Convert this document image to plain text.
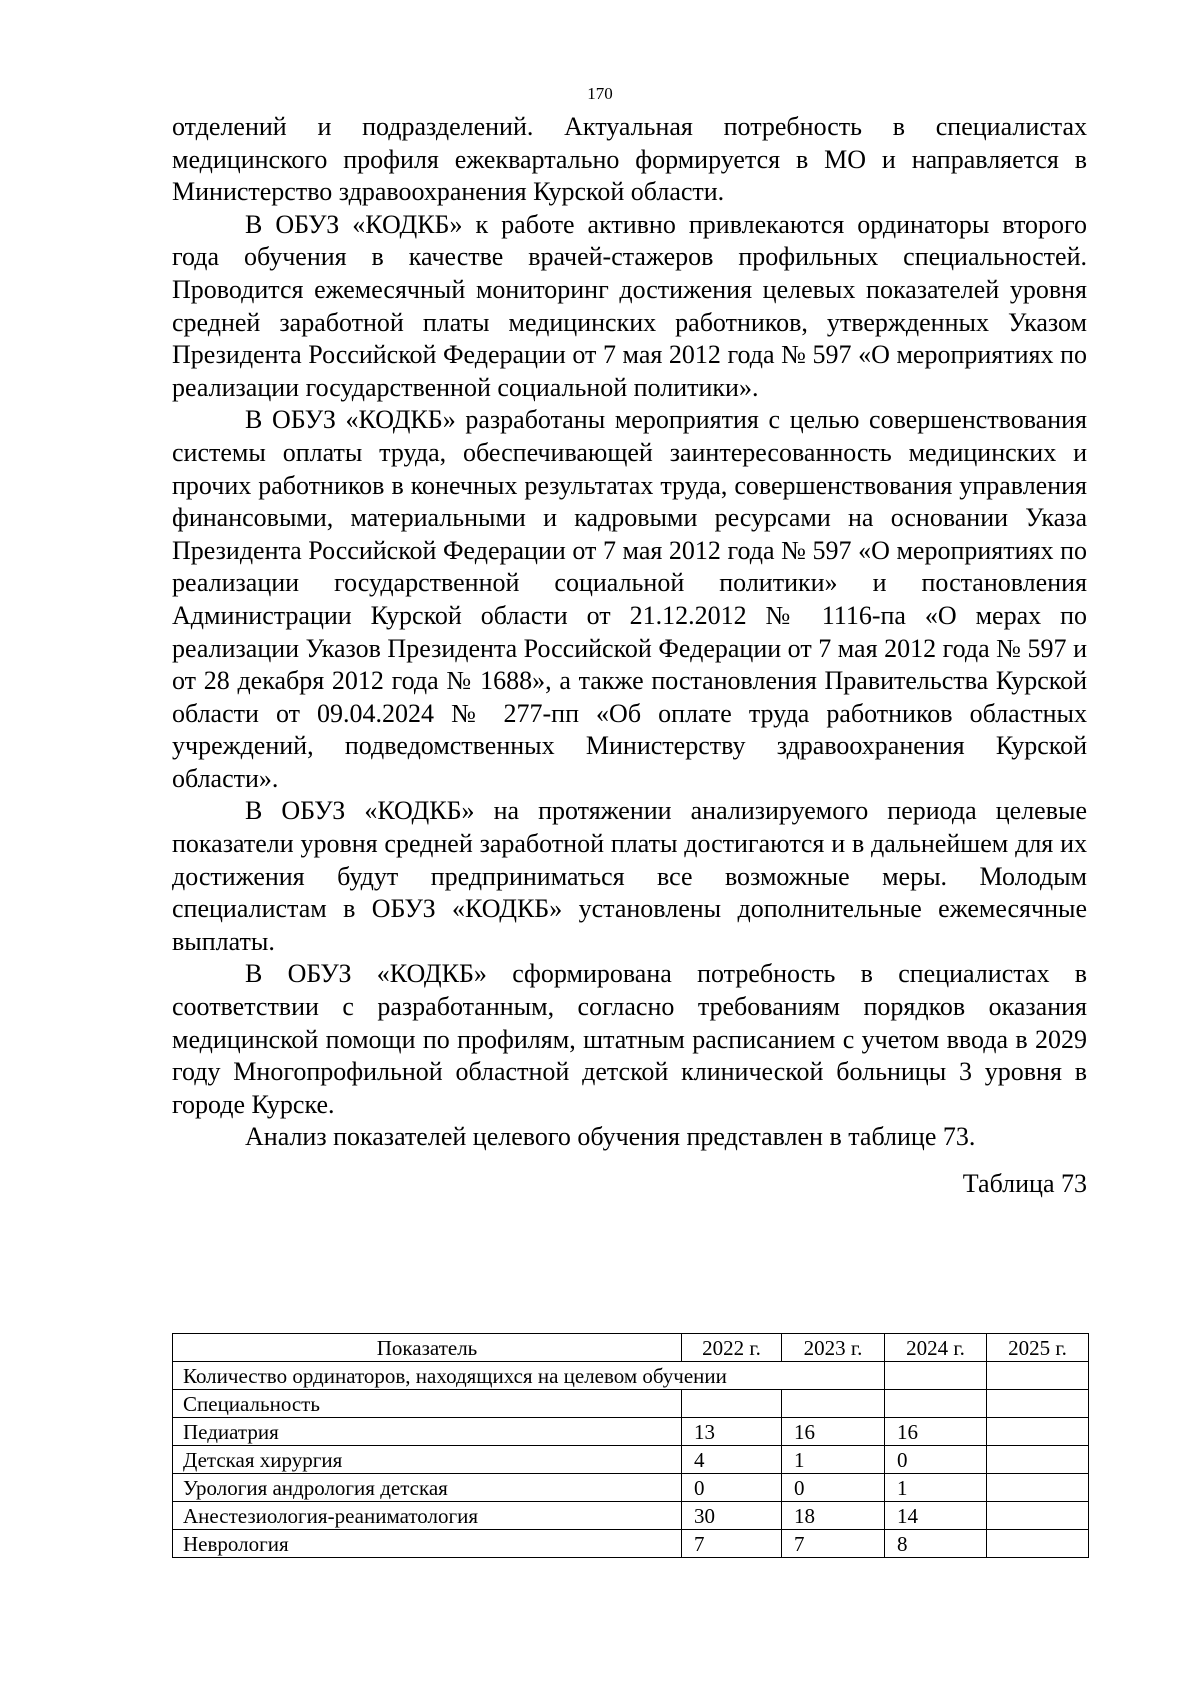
170

отделений и подразделений. Актуальная потребность в специалистах медицинского профиля ежеквартально формируется в МО и направляется в Министерство здравоохранения Курской области.

В ОБУЗ «КОДКБ» к работе активно привлекаются ординаторы второго года обучения в качестве врачей-стажеров профильных специальностей. Проводится ежемесячный мониторинг достижения целевых показателей уровня средней заработной платы медицинских работников, утвержденных Указом Президента Российской Федерации от 7 мая 2012 года № 597 «О мероприятиях по реализации государственной социальной политики».

В ОБУЗ «КОДКБ» разработаны мероприятия с целью совершенствования системы оплаты труда, обеспечивающей заинтересованность медицинских и прочих работников в конечных результатах труда, совершенствования управления финансовыми, материальными и кадровыми ресурсами на основании Указа Президента Российской Федерации от 7 мая 2012 года № 597 «О мероприятиях по реализации государственной социальной политики» и постановления Администрации Курской области от 21.12.2012 № 1116-па «О мерах по реализации Указов Президента Российской Федерации от 7 мая 2012 года № 597 и от 28 декабря 2012 года № 1688», а также постановления Правительства Курской области от 09.04.2024 № 277-пп «Об оплате труда работников областных учреждений, подведомственных Министерству здравоохранения Курской области».

В ОБУЗ «КОДКБ» на протяжении анализируемого периода целевые показатели уровня средней заработной платы достигаются и в дальнейшем для их достижения будут предприниматься все возможные меры. Молодым специалистам в ОБУЗ «КОДКБ» установлены дополнительные ежемесячные выплаты.

В ОБУЗ «КОДКБ» сформирована потребность в специалистах в соответствии с разработанным, согласно требованиям порядков оказания медицинской помощи по профилям, штатным расписанием с учетом ввода в 2029 году Многопрофильной областной детской клинической больницы 3 уровня в городе Курске.

Анализ показателей целевого обучения представлен в таблице 73.

Таблица 73

Показатель	2022 г.	2023 г.	2024 г.	2025 г.
Количество ординаторов, находящихся на целевом обучении				
Специальность				
Педиатрия	13	16	16	
Детская хирургия	4	1	0	
Урология андрология детская	0	0	1	
Анестезиология-реаниматология	30	18	14	
Неврология	7	7	8	
